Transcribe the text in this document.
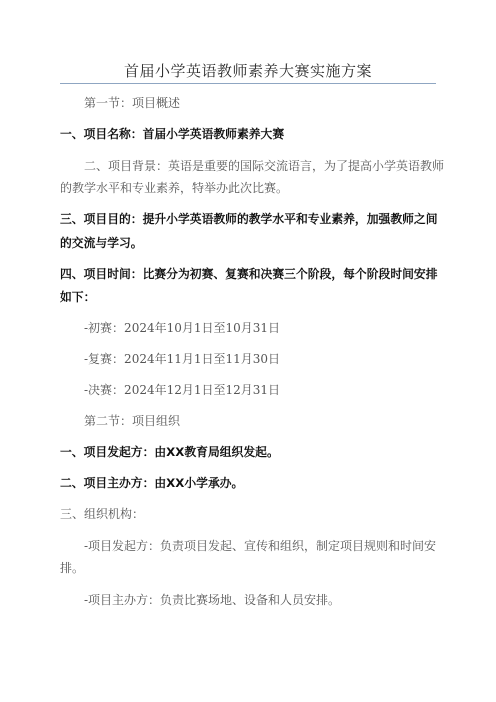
首届小学英语教师素养大赛实施方案
第一节：项目概述
一、项目名称：首届小学英语教师素养大赛
二、项目背景：英语是重要的国际交流语言，为了提高小学英语教师
的教学水平和专业素养，特举办此次比赛。
三、项目目的：提升小学英语教师的教学水平和专业素养，加强教师之间
的交流与学习。
四、项目时间：比赛分为初赛、复赛和决赛三个阶段，每个阶段时间安排
如下：
-初赛：2024年10月1日至10月31日
-复赛：2024年11月1日至11月30日
-决赛：2024年12月1日至12月31日
第二节：项目组织
一、项目发起方：由XX教育局组织发起。
二、项目主办方：由XX小学承办。
三、组织机构：
-项目发起方：负责项目发起、宣传和组织，制定项目规则和时间安
排。
-项目主办方：负责比赛场地、设备和人员安排。
